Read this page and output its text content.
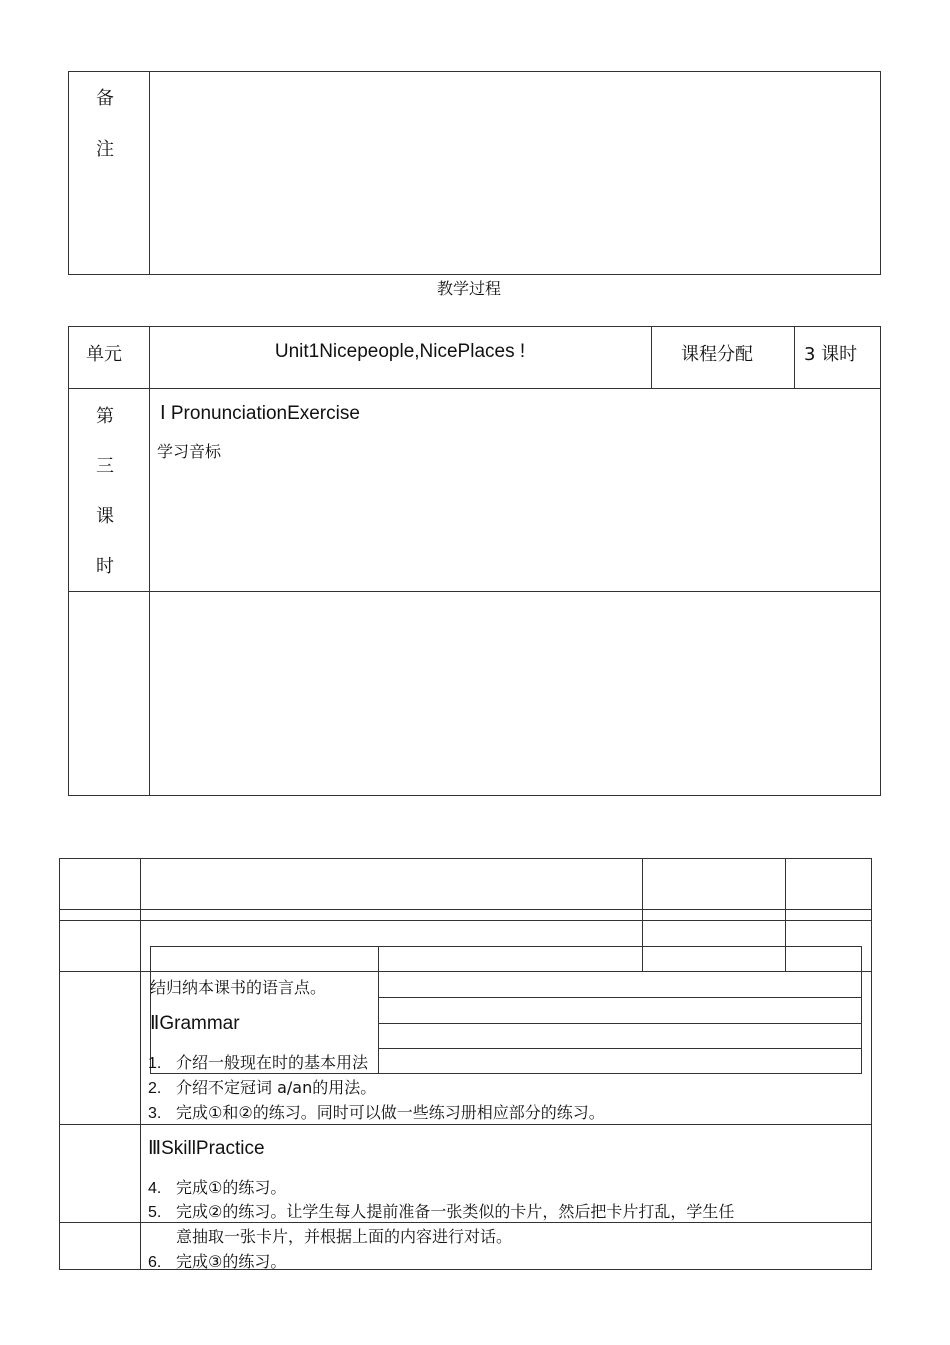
备
注
教学过程
单元	Unit1Nicepeople,NicePlaces !	课程分配	3 课时
第
三
课
时
Ⅰ PronunciationExercise
学习音标
结归纳本课书的语言点。
ⅡGrammar
1. 介绍一般现在时的基本用法
2. 介绍不定冠词 a/an的用法。
3. 完成①和②的练习。同时可以做一些练习册相应部分的练习。
ⅢSkillPractice
4. 完成①的练习。
5. 完成②的练习。让学生每人提前准备一张类似的卡片，然后把卡片打乱，学生任
意抽取一张卡片，并根据上面的内容进行对话。
6. 完成③的练习。
